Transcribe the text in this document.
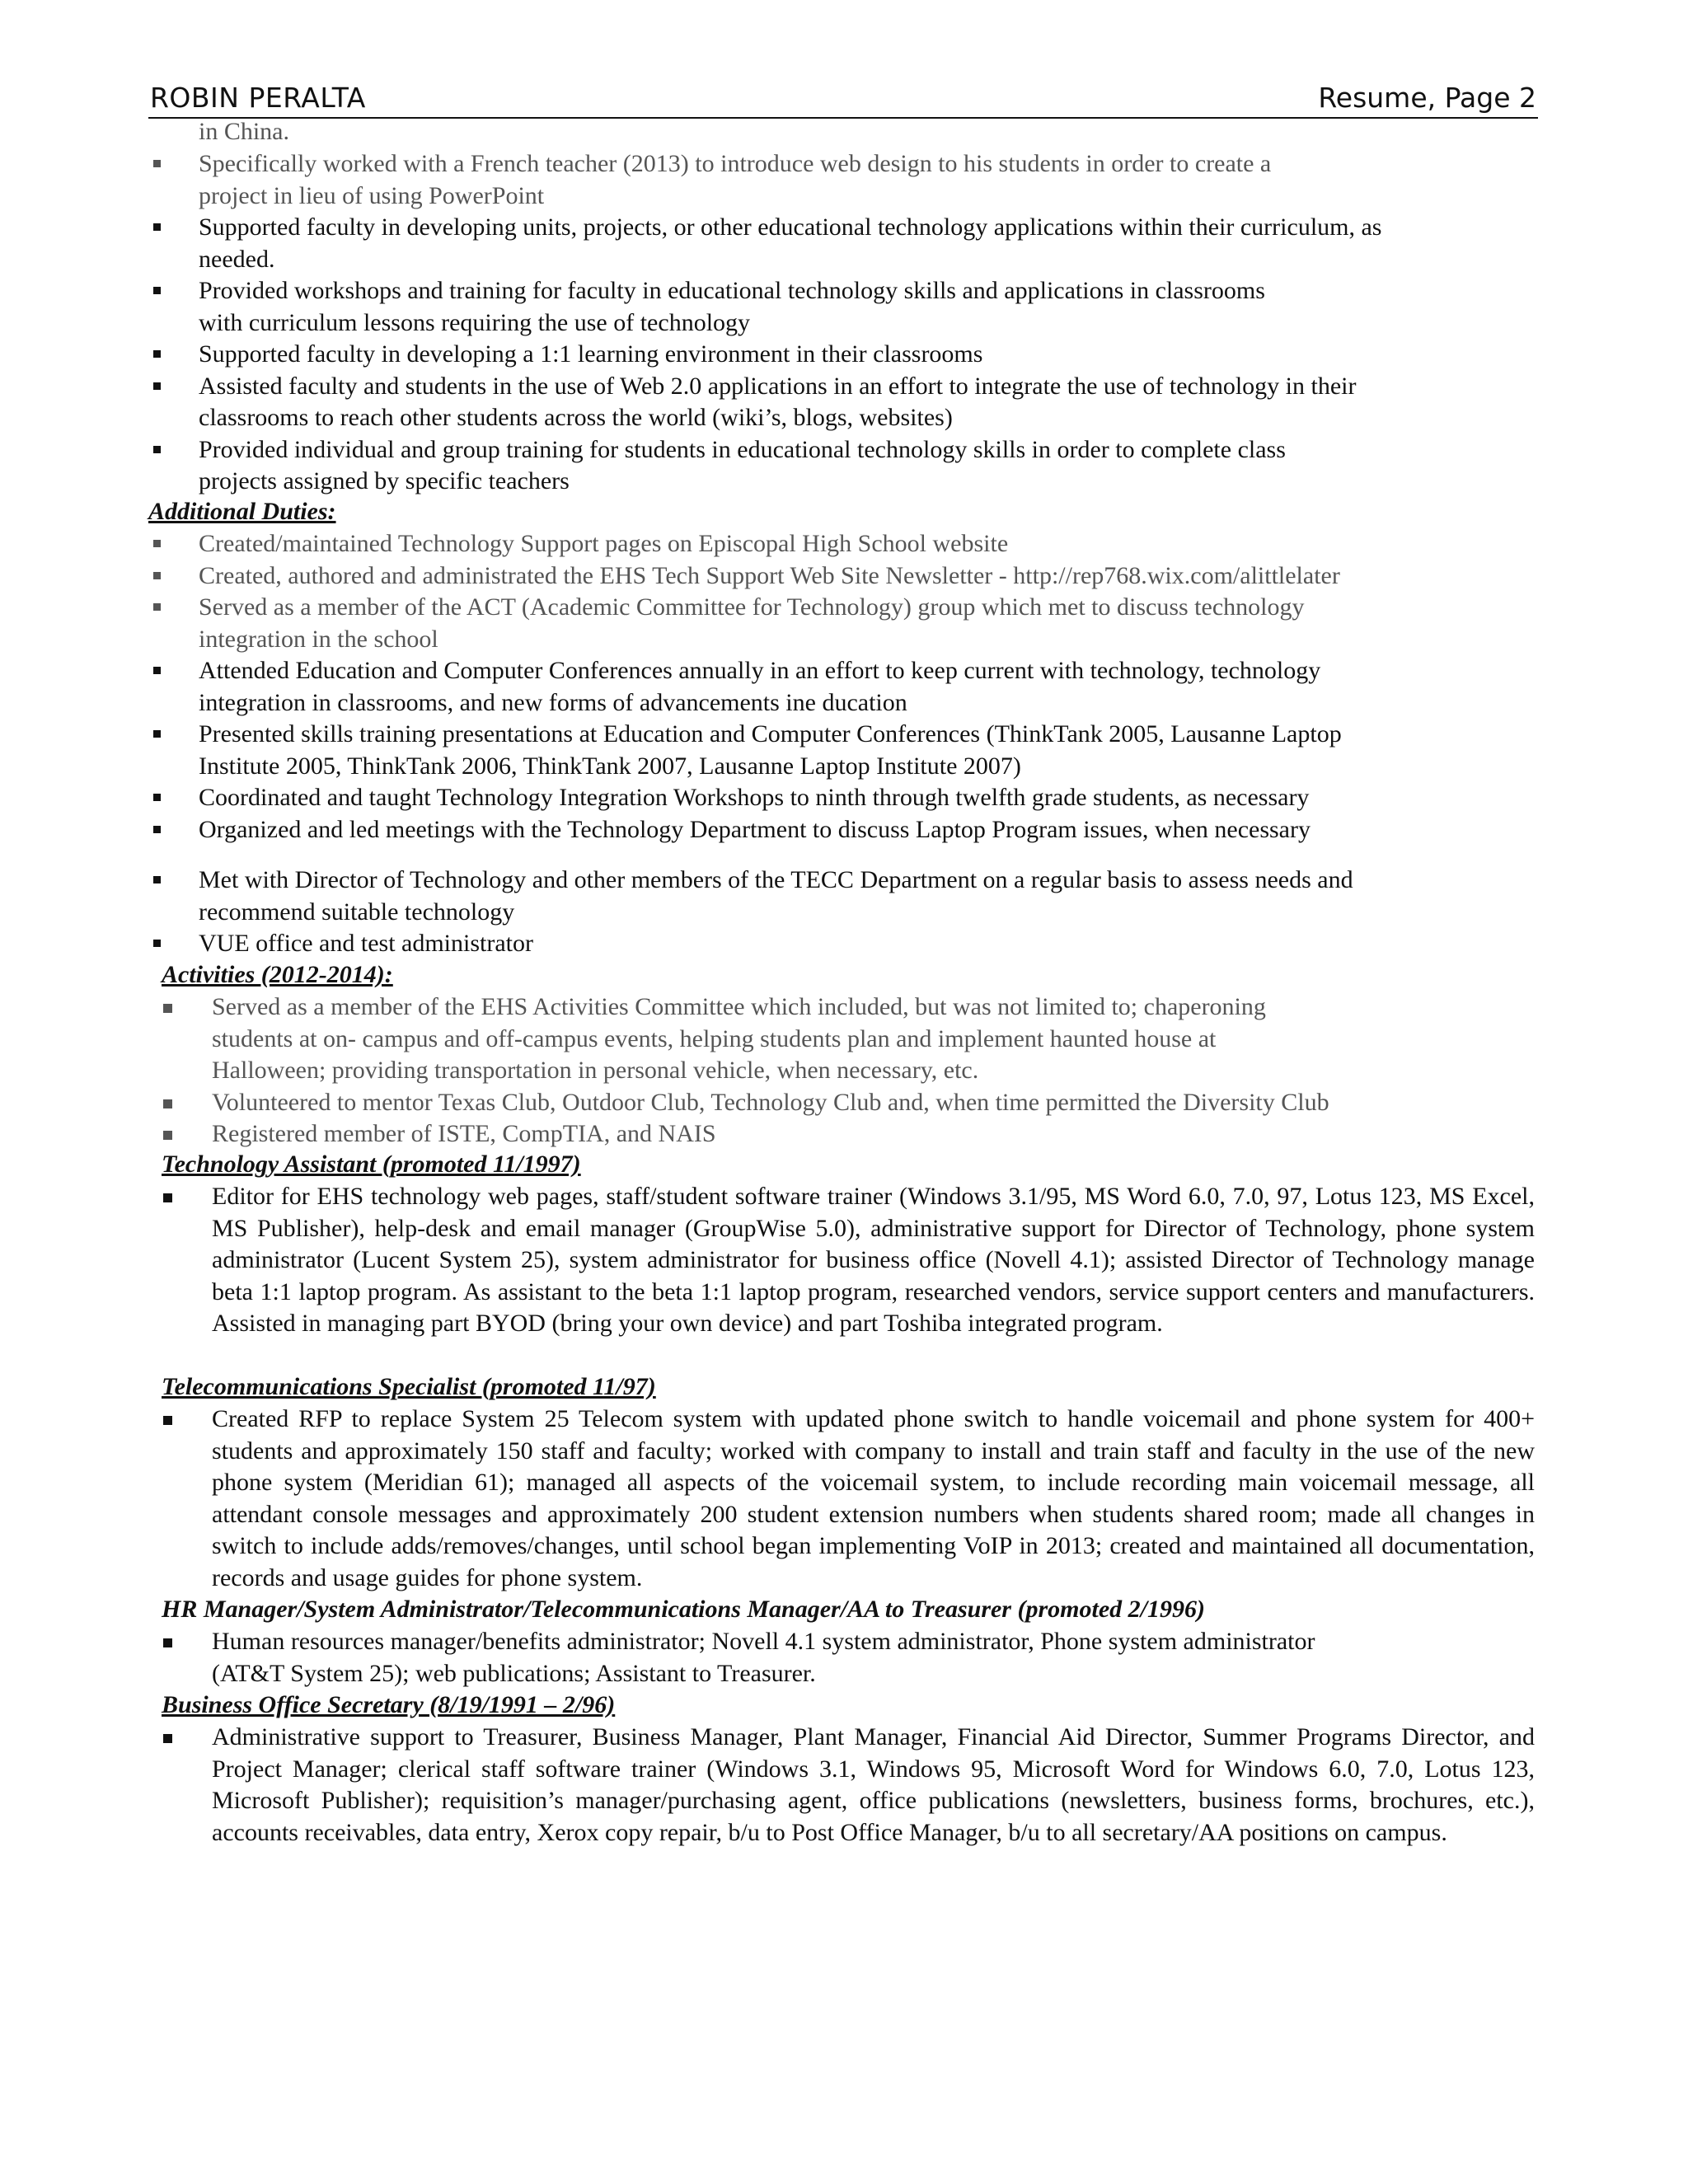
ROBIN PERALTA	Resume, Page 2
in China.
Specifically worked with a French teacher (2013) to introduce web design to his students in order to create a
project in lieu of using PowerPoint
Supported faculty in developing units, projects, or other educational technology applications within their curriculum, as
needed.
Provided workshops and training for faculty in educational technology skills and applications in classrooms
with curriculum lessons requiring the use of technology
Supported faculty in developing a 1:1 learning environment in their classrooms
Assisted faculty and students in the use of Web 2.0 applications in an effort to integrate the use of technology in their
classrooms to reach other students across the world (wiki’s, blogs, websites)
Provided individual and group training for students in educational technology skills in order to complete class
projects assigned by specific teachers
Additional Duties:
Created/maintained Technology Support pages on Episcopal High School website
Created, authored and administrated the EHS Tech Support Web Site Newsletter - http://rep768.wix.com/alittlelater
Served as a member of the ACT (Academic Committee for Technology) group which met to discuss technology
integration in the school
Attended Education and Computer Conferences annually in an effort to keep current with technology, technology
integration in classrooms, and new forms of advancements ine ducation
Presented skills training presentations at Education and Computer Conferences (ThinkTank 2005, Lausanne Laptop
Institute 2005, ThinkTank 2006, ThinkTank 2007, Lausanne Laptop Institute 2007)
Coordinated and taught Technology Integration Workshops to ninth through twelfth grade students, as necessary
Organized and led meetings with the Technology Department to discuss Laptop Program issues, when necessary
Met with Director of Technology and other members of the TECC Department on a regular basis to assess needs and
recommend suitable technology
VUE office and test administrator
Activities (2012-2014):
Served as a member of the EHS Activities Committee which included, but was not limited to; chaperoning
students at on- campus and off-campus events, helping students plan and implement haunted house at
Halloween; providing transportation in personal vehicle, when necessary, etc.
Volunteered to mentor Texas Club, Outdoor Club, Technology Club and, when time permitted the Diversity Club
Registered member of ISTE, CompTIA, and NAIS
Technology Assistant (promoted 11/1997)
Editor for EHS technology web pages, staff/student software trainer (Windows 3.1/95, MS Word 6.0, 7.0, 97, Lotus 123, MS Excel, MS Publisher), help-desk and email manager (GroupWise 5.0), administrative support for Director of Technology, phone system administrator (Lucent System 25), system administrator for business office (Novell 4.1); assisted Director of Technology manage beta 1:1 laptop program. As assistant to the beta 1:1 laptop program, researched vendors, service support centers and manufacturers. Assisted in managing part BYOD (bring your own device) and part Toshiba integrated program.
Telecommunications Specialist (promoted 11/97)
Created RFP to replace System 25 Telecom system with updated phone switch to handle voicemail and phone system for 400+ students and approximately 150 staff and faculty; worked with company to install and train staff and faculty in the use of the new phone system (Meridian 61); managed all aspects of the voicemail system, to include recording main voicemail message, all attendant console messages and approximately 200 student extension numbers when students shared room; made all changes in switch to include adds/removes/changes, until school began implementing VoIP in 2013; created and maintained all documentation, records and usage guides for phone system.
HR Manager/System Administrator/Telecommunications Manager/AA to Treasurer (promoted 2/1996)
Human resources manager/benefits administrator; Novell 4.1 system administrator, Phone system administrator
(AT&T System 25); web publications; Assistant to Treasurer.
Business Office Secretary (8/19/1991 – 2/96)
Administrative support to Treasurer, Business Manager, Plant Manager, Financial Aid Director, Summer Programs Director, and Project Manager; clerical staff software trainer (Windows 3.1, Windows 95, Microsoft Word for Windows 6.0, 7.0, Lotus 123, Microsoft Publisher); requisition’s manager/purchasing agent, office publications (newsletters, business forms, brochures, etc.), accounts receivables, data entry, Xerox copy repair, b/u to Post Office Manager, b/u to all secretary/AA positions on campus.
